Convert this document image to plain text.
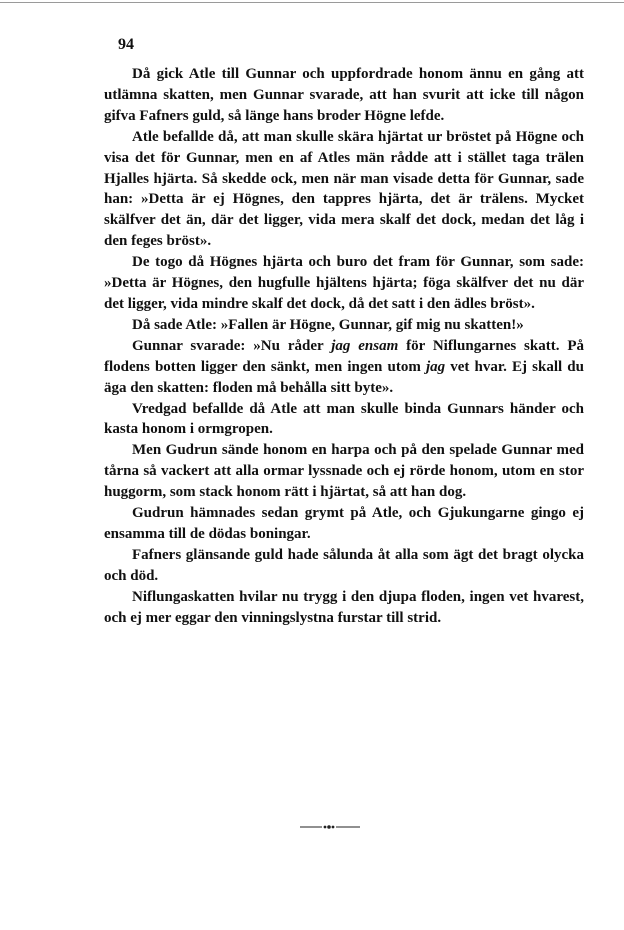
94

Då gick Atle till Gunnar och uppfordrade honom ännu en gång att utlämna skatten, men Gunnar svarade, att han svurit att icke till någon gifva Fafners guld, så länge hans broder Högne lefde.

Atle befallde då, att man skulle skära hjärtat ur bröstet på Högne och visa det för Gunnar, men en af Atles män rådde att i stället taga trälen Hjalles hjärta. Så skedde ock, men när man visade detta för Gunnar, sade han: »Detta är ej Högnes, den tappres hjärta, det är trälens. Mycket skälfver det än, där det ligger, vida mera skalf det dock, medan det låg i den feges bröst».

De togo då Högnes hjärta och buro det fram för Gunnar, som sade: »Detta är Högnes, den hugfulle hjältens hjärta; föga skälfver det nu där det ligger, vida mindre skalf det dock, då det satt i den ädles bröst».

Då sade Atle: »Fallen är Högne, Gunnar, gif mig nu skatten!»

Gunnar svarade: »Nu råder jag ensam för Niflungarnes skatt. På flodens botten ligger den sänkt, men ingen utom jag vet hvar. Ej skall du äga den skatten: floden må behålla sitt byte».

Vredgad befallde då Atle att man skulle binda Gunnars händer och kasta honom i ormgropen.

Men Gudrun sände honom en harpa och på den spelade Gunnar med tårna så vackert att alla ormar lyssnade och ej rörde honom, utom en stor huggorm, som stack honom rätt i hjärtat, så att han dog.

Gudrun hämnades sedan grymt på Atle, och Gjukungarne gingo ej ensamma till de dödas boningar.

Fafners glänsande guld hade sålunda åt alla som ägt det bragt olycka och död.

Niflungaskatten hvilar nu trygg i den djupa floden, ingen vet hvarest, och ej mer eggar den vinningslystna furstar till strid.
